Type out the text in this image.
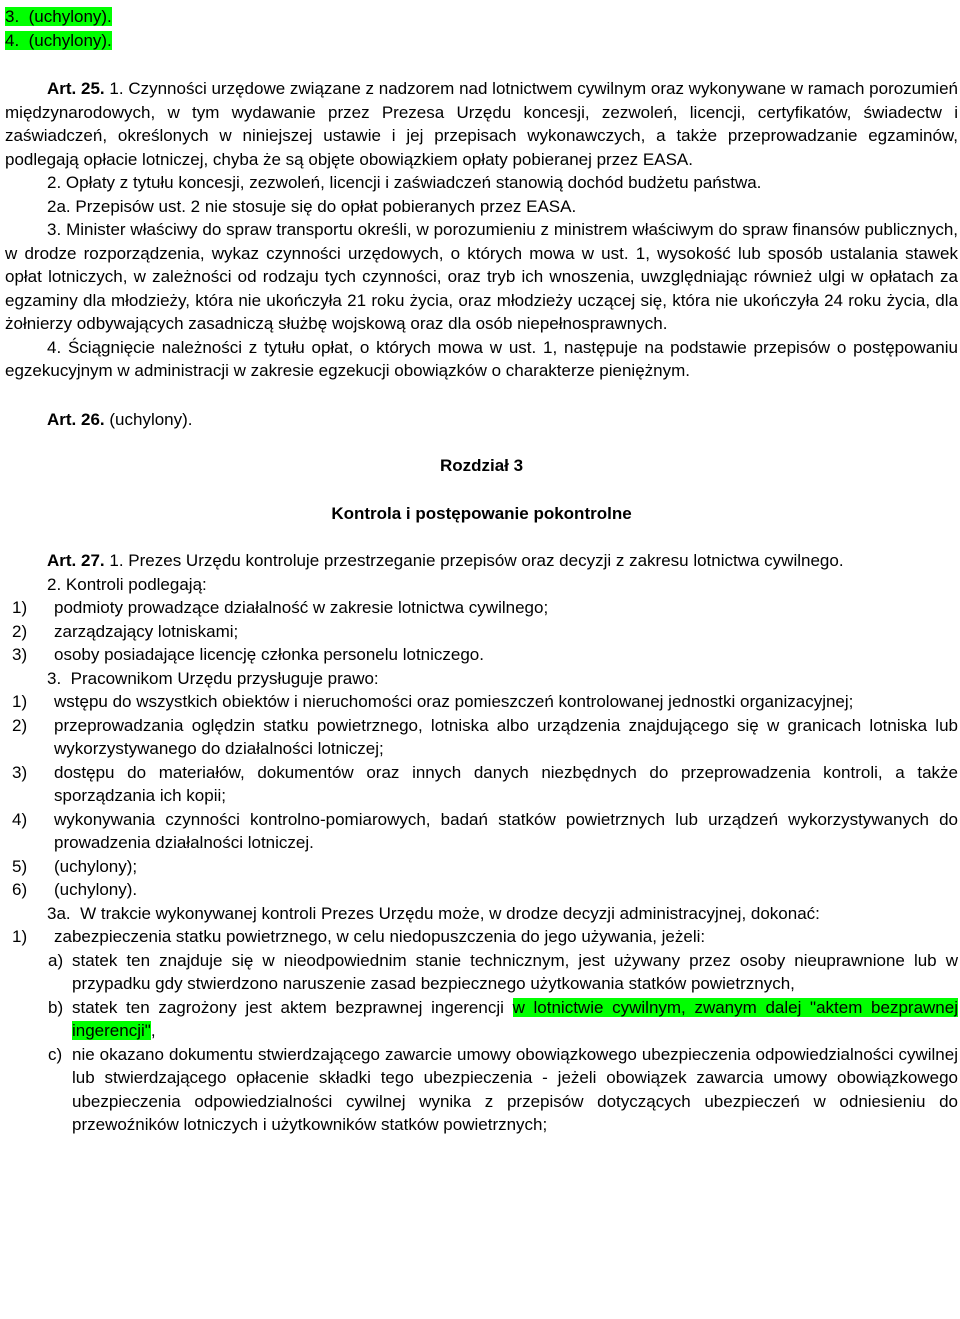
3. (uchylony).

4. (uchylony).

Art. 25. 1. Czynności urzędowe związane z nadzorem nad lotnictwem cywilnym oraz wykonywane w ramach porozumień międzynarodowych, w tym wydawanie przez Prezesa Urzędu koncesji, zezwoleń, licencji, certyfikatów, świadectw i zaświadczeń, określonych w niniejszej ustawie i jej przepisach wykonawczych, a także przeprowadzanie egzaminów, podlegają opłacie lotniczej, chyba że są objęte obowiązkiem opłaty pobieranej przez EASA.

2. Opłaty z tytułu koncesji, zezwoleń, licencji i zaświadczeń stanowią dochód budżetu państwa.

2a. Przepisów ust. 2 nie stosuje się do opłat pobieranych przez EASA.

3. Minister właściwy do spraw transportu określi, w porozumieniu z ministrem właściwym do spraw finansów publicznych, w drodze rozporządzenia, wykaz czynności urzędowych, o których mowa w ust. 1, wysokość lub sposób ustalania stawek opłat lotniczych, w zależności od rodzaju tych czynności, oraz tryb ich wnoszenia, uwzględniając również ulgi w opłatach za egzaminy dla młodzieży, która nie ukończyła 21 roku życia, oraz młodzieży uczącej się, która nie ukończyła 24 roku życia, dla żołnierzy odbywających zasadniczą służbę wojskową oraz dla osób niepełnosprawnych.

4. Ściągnięcie należności z tytułu opłat, o których mowa w ust. 1, następuje na podstawie przepisów o postępowaniu egzekucyjnym w administracji w zakresie egzekucji obowiązków o charakterze pieniężnym.

Art. 26. (uchylony).

Rozdział 3

Kontrola i postępowanie pokontrolne

Art. 27. 1. Prezes Urzędu kontroluje przestrzeganie przepisów oraz decyzji z zakresu lotnictwa cywilnego.

2. Kontroli podlegają:

1)	podmioty prowadzące działalność w zakresie lotnictwa cywilnego;
2)	zarządzający lotniskami;
3)	osoby posiadające licencję członka personelu lotniczego.

3. Pracownikom Urzędu przysługuje prawo:

1)	wstępu do wszystkich obiektów i nieruchomości oraz pomieszczeń kontrolowanej jednostki organizacyjnej;
2)	przeprowadzania oględzin statku powietrznego, lotniska albo urządzenia znajdującego się w granicach lotniska lub wykorzystywanego do działalności lotniczej;
3)	dostępu do materiałów, dokumentów oraz innych danych niezbędnych do przeprowadzenia kontroli, a także sporządzania ich kopii;
4)	wykonywania czynności kontrolno-pomiarowych, badań statków powietrznych lub urządzeń wykorzystywanych do prowadzenia działalności lotniczej.
5)	(uchylony);
6)	(uchylony).

3a. W trakcie wykonywanej kontroli Prezes Urzędu może, w drodze decyzji administracyjnej, dokonać:

1)	zabezpieczenia statku powietrznego, w celu niedopuszczenia do jego używania, jeżeli:
a) statek ten znajduje się w nieodpowiednim stanie technicznym, jest używany przez osoby nieuprawnione lub w przypadku gdy stwierdzono naruszenie zasad bezpiecznego użytkowania statków powietrznych,
b) statek ten zagrożony jest aktem bezprawnej ingerencji w lotnictwie cywilnym, zwanym dalej "aktem bezprawnej ingerencji",
c) nie okazano dokumentu stwierdzającego zawarcie umowy obowiązkowego ubezpieczenia odpowiedzialności cywilnej lub stwierdzającego opłacenie składki tego ubezpieczenia - jeżeli obowiązek zawarcia umowy obowiązkowego ubezpieczenia odpowiedzialności cywilnej wynika z przepisów dotyczących ubezpieczeń w odniesieniu do przewoźników lotniczych i użytkowników statków powietrznych;
